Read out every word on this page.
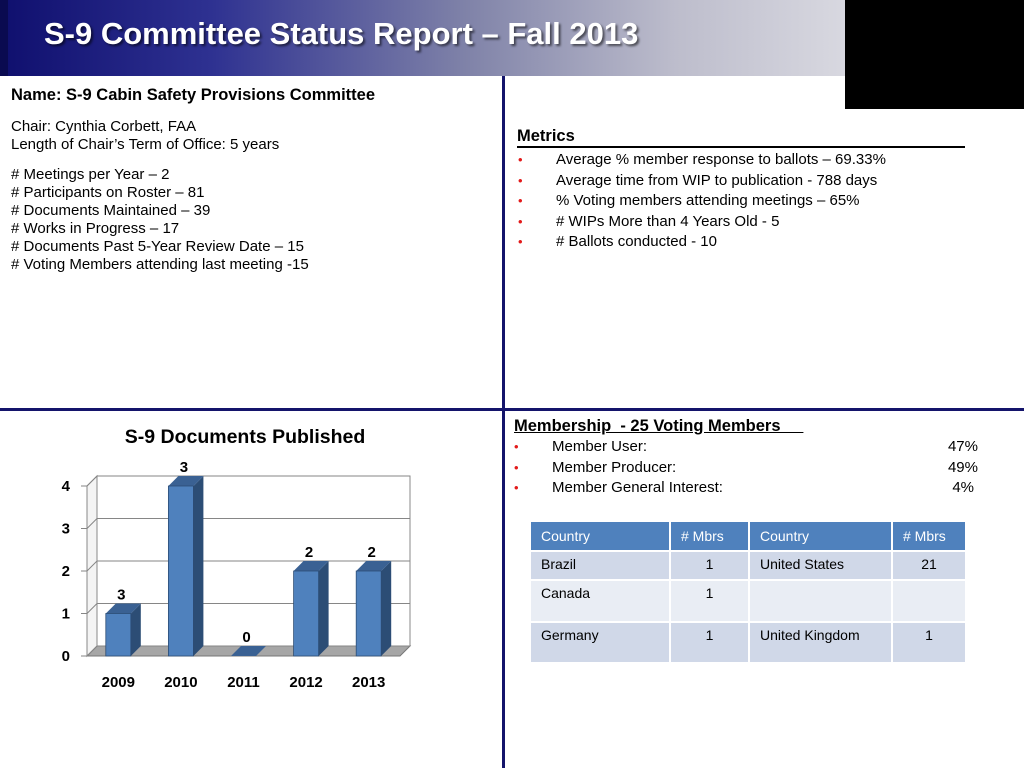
S-9 Committee Status Report – Fall 2013
Name: S-9 Cabin Safety Provisions Committee
Chair: Cynthia Corbett, FAA
Length of Chair’s Term of Office: 5 years
# Meetings per Year – 2
# Participants on Roster – 81
# Documents Maintained – 39
# Works in Progress – 17
# Documents Past 5-Year Review Date – 15
# Voting Members attending last meeting -15
Metrics
• Average % member response to ballots – 69.33%
• Average time from WIP to publication - 788 days
• % Voting members attending meetings – 65%
• # WIPs More than 4 Years Old - 5
• # Ballots conducted - 10
S-9 Documents Published
0
1
2
3
4
2009 2010 2011 2012 2013
3
3
0
2	2
Membership  - 25 Voting Members
• Member User:	47%
• Member Producer:	49%
• Member General Interest:	4%
Country	# Mbrs	Country	# Mbrs
Brazil	1	United States	21
Canada	1		
Germany	1	United Kingdom	1
